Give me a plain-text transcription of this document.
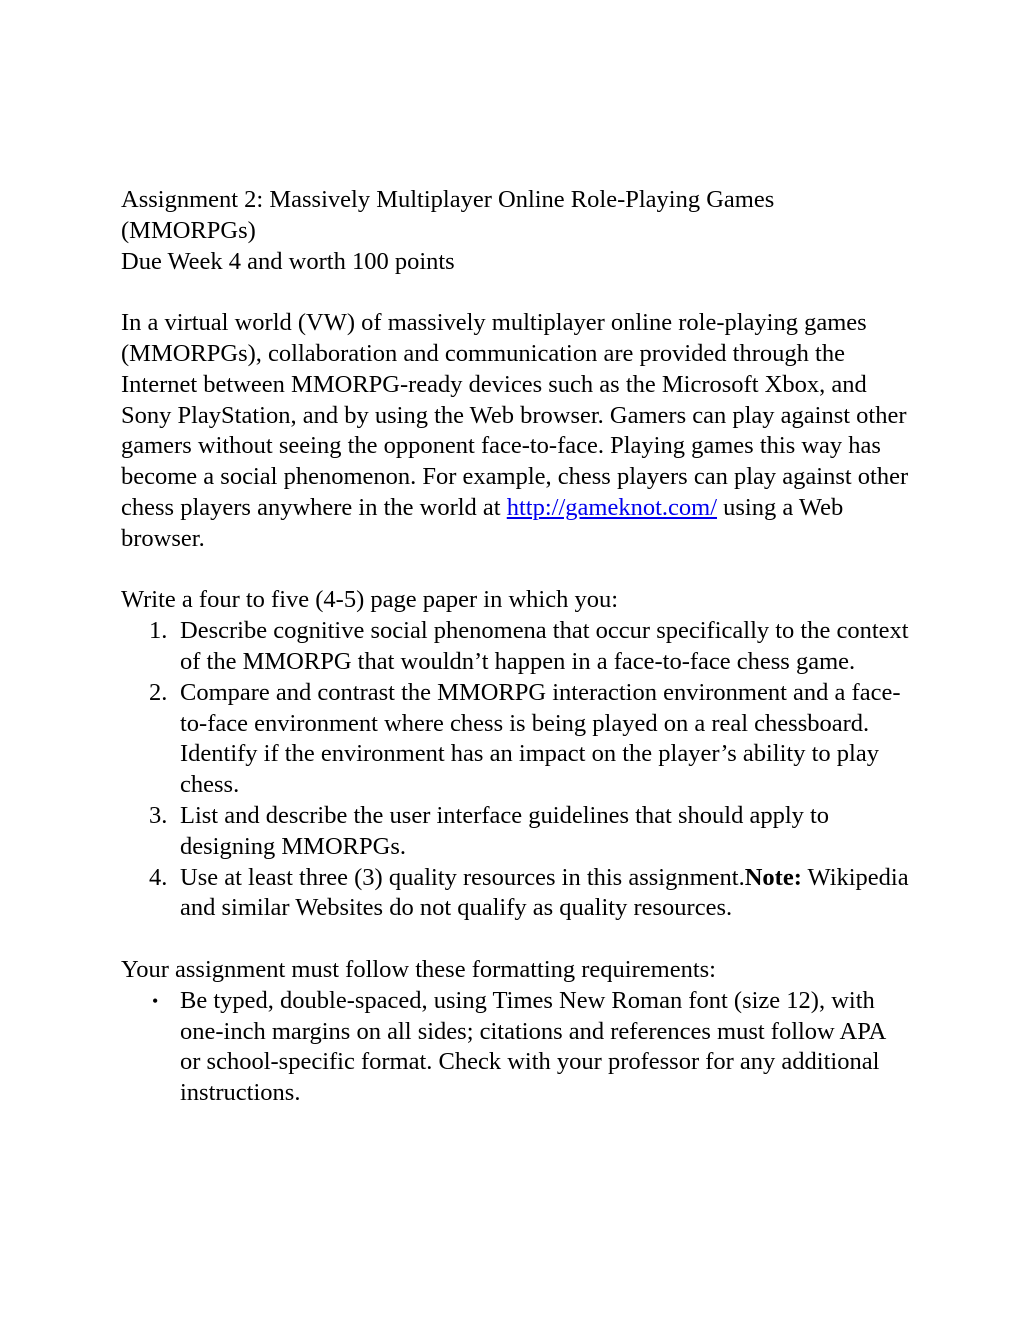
Assignment 2: Massively Multiplayer Online Role-Playing Games
(MMORPGs)

Due Week 4 and worth 100 points

In a virtual world (VW) of massively multiplayer online role-playing games (MMORPGs), collaboration and communication are provided through the Internet between MMORPG-ready devices such as the Microsoft Xbox, and Sony PlayStation, and by using the Web browser. Gamers can play against other gamers without seeing the opponent face-to-face. Playing games this way has become a social phenomenon. For example, chess players can play against other chess players anywhere in the world at http://gameknot.com/ using a Web browser.

Write a four to five (4-5) page paper in which you:

1. Describe cognitive social phenomena that occur specifically to the context of the MMORPG that wouldn’t happen in a face-to-face chess game.
2. Compare and contrast the MMORPG interaction environment and a face-to-face environment where chess is being played on a real chessboard. Identify if the environment has an impact on the player’s ability to play chess.
3. List and describe the user interface guidelines that should apply to designing MMORPGs.
4. Use at least three (3) quality resources in this assignment.Note: Wikipedia and similar Websites do not qualify as quality resources.

Your assignment must follow these formatting requirements:

• Be typed, double-spaced, using Times New Roman font (size 12), with one-inch margins on all sides; citations and references must follow APA or school-specific format. Check with your professor for any additional instructions.
